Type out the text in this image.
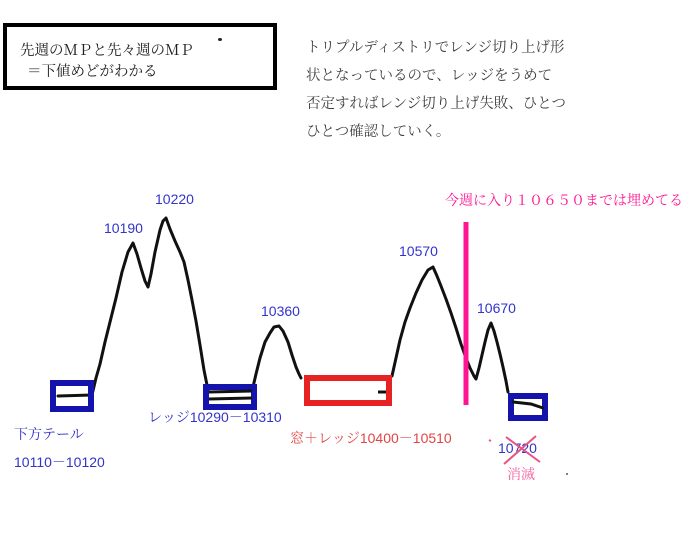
先週のＭＰと先々週のＭＰ
＝下値めどがわかる
トリプルディストリでレンジ切り上げ形
状となっているので、レッジをうめて
否定すればレンジ切り上げ失敗、ひとつ
ひとつ確認していく。
今週に入り１０６５０までは埋めてる
10190
10220
10360
10570
10670
レッジ10290－10310
下方テール
10110－10120
窓＋レッジ10400－10510
10720
消滅
